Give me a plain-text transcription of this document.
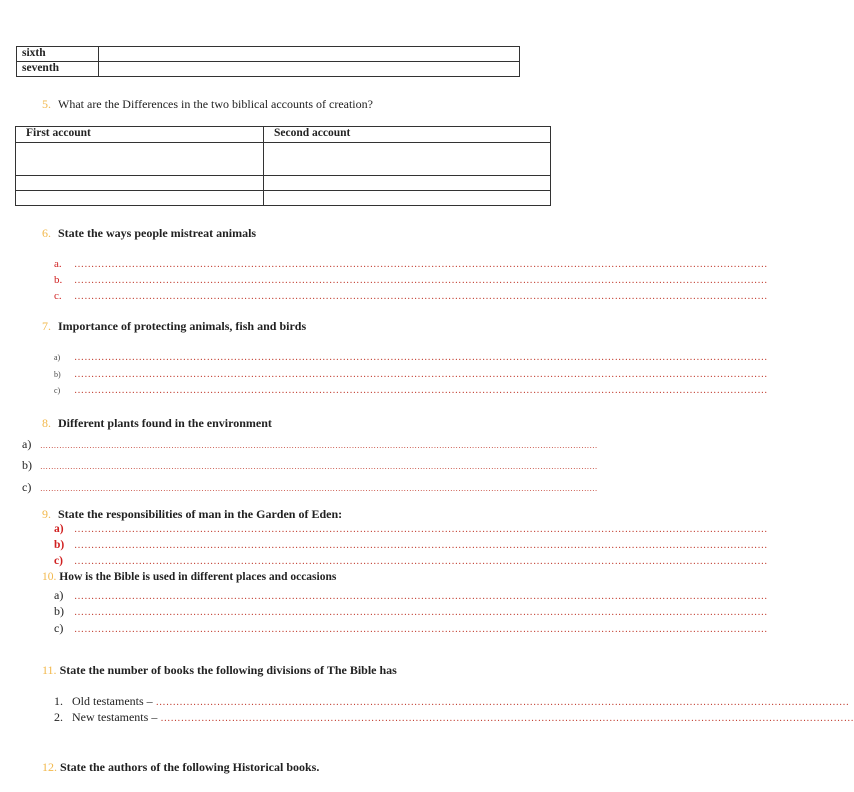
sixth	
seventh	
5. What are the Differences in the two biblical accounts of creation?
First account	Second account

6. State the ways people mistreat animals
a.	……………………………………………………………………………………………………………………………………………………………………………………
b.	……………………………………………………………………………………………………………………………………………………………………………………
c.	……………………………………………………………………………………………………………………………………………………………………………………
7. Importance of protecting animals, fish and birds
a)	……………………………………………………………………………………………………………………………………………………………………………………
b)	……………………………………………………………………………………………………………………………………………………………………………………
c)	……………………………………………………………………………………………………………………………………………………………………………………
8. Different plants found in the environment
a)	……………………………………………………………………………………………………………………………………………………………………………………
b)	……………………………………………………………………………………………………………………………………………………………………………………
c)	……………………………………………………………………………………………………………………………………………………………………………………
9. State the responsibilities of man in the Garden of Eden:
a)	……………………………………………………………………………………………………………………………………………………………………………………
b) ……………………………………………………………………………………………………………………………………………………………………………………
c)	……………………………………………………………………………………………………………………………………………………………………………………
10. How is the Bible is used in different places and occasions
a)	……………………………………………………………………………………………………………………………………………………………………………………
b)	……………………………………………………………………………………………………………………………………………………………………………………
c)	……………………………………………………………………………………………………………………………………………………………………………………
11. State the number of books the following divisions of The Bible has
1. Old testaments – ……………………………………………………………………………………………………………………………………………………………………………………
2. New testaments – ……………………………………………………………………………………………………………………………………………………………………………………
12. State the authors of the following Historical books.
